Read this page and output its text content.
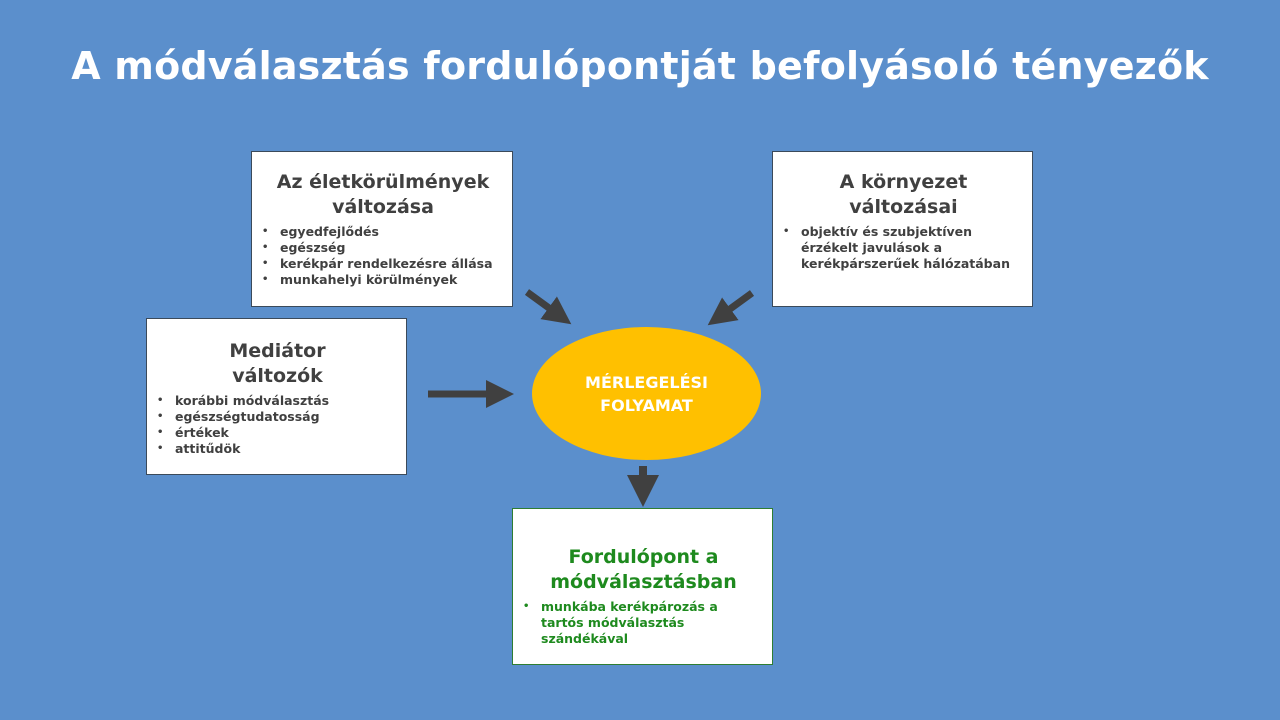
A módválasztás fordulópontját befolyásoló tényezők
Az életkörülmények
változása
• egyedfejlődés
• egészség
• kerékpár rendelkezésre állása
• munkahelyi körülmények
A környezet
változásai
• objektív és szubjektíven érzékelt javulások a kerékpárszerűek hálózatában
Mediátor
változók
• korábbi módválasztás
• egészségtudatosság
• értékek
• attitűdök
MÉRLEGELÉSI
FOLYAMAT
Fordulópont a
módválasztásban
• munkába kerékpározás a tartós módválasztás szándékával
